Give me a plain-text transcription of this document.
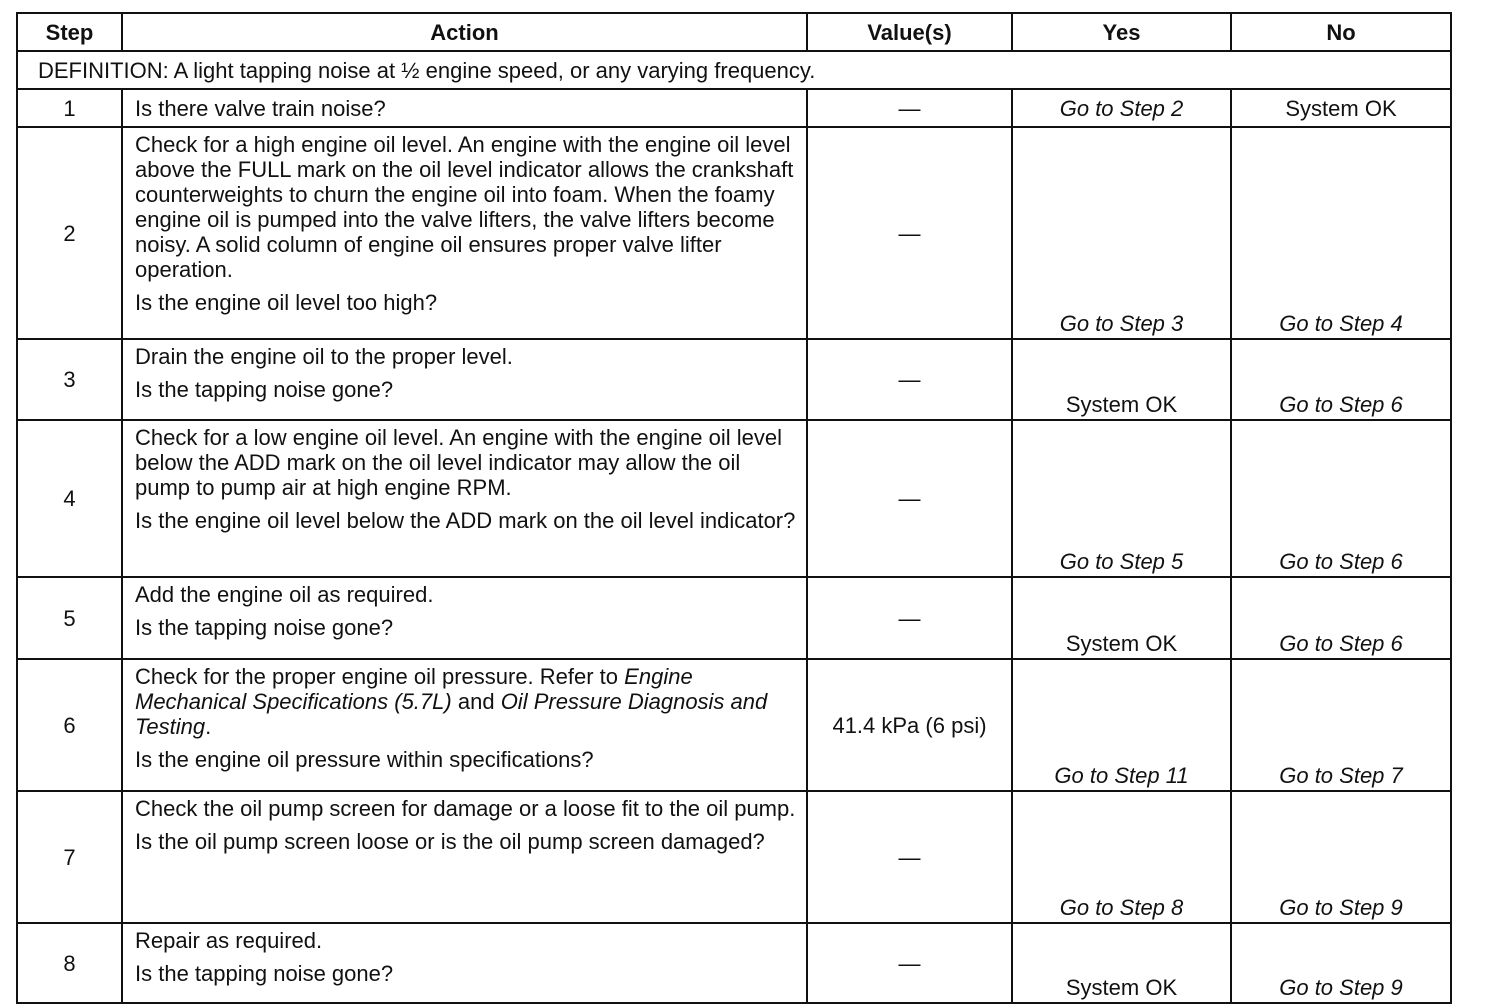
Step	Action	Value(s)	Yes	No
DEFINITION: A light tapping noise at ½ engine speed, or any varying frequency.				
1	Is there valve train noise?	—	Go to Step 2	System OK
2	Check for a high engine oil level. An engine with the engine oil level above the FULL mark on the oil level indicator allows the crankshaft counterweights to churn the engine oil into foam. When the foamy engine oil is pumped into the valve lifters, the valve lifters become noisy. A solid column of engine oil ensures proper valve lifter operation.

Is the engine oil level too high?	—	Go to Step 3	Go to Step 4
3	Drain the engine oil to the proper level.

Is the tapping noise gone?	—	System OK	Go to Step 6
4	Check for a low engine oil level. An engine with the engine oil level below the ADD mark on the oil level indicator may allow the oil pump to pump air at high engine RPM.

Is the engine oil level below the ADD mark on the oil level indicator?	—	Go to Step 5	Go to Step 6
5	Add the engine oil as required.

Is the tapping noise gone?	—	System OK	Go to Step 6
6	Check for the proper engine oil pressure. Refer to Engine Mechanical Specifications (5.7L) and Oil Pressure Diagnosis and Testing.

Is the engine oil pressure within specifications?	41.4 kPa (6 psi)	Go to Step 11	Go to Step 7
7	Check the oil pump screen for damage or a loose fit to the oil pump.

Is the oil pump screen loose or is the oil pump screen damaged?	—	Go to Step 8	Go to Step 9
8	Repair as required.

Is the tapping noise gone?	—	System OK	Go to Step 9
